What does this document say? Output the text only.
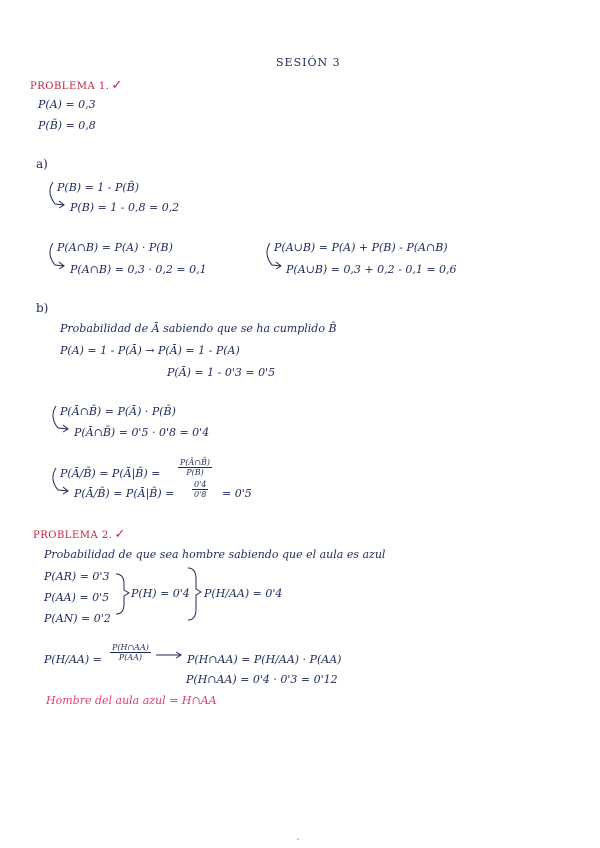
SESIÓN 3
PROBLEMA 1. ✓
P(A) = 0,3
P(B̄) = 0,8
a)
P(B) = 1 - P(B̄)
P(B) = 1 - 0,8 = 0,2
P(A∩B) = P(A) · P(B)
P(A∩B) = 0,3 · 0,2 = 0,1
P(A∪B) = P(A) + P(B) - P(A∩B)
P(A∪B) = 0,3 + 0,2 - 0,1 = 0,6
b)
Probabilidad de Ā sabiendo que se ha cumplido B̄
P(A) = 1 - P(Ā) → P(Ā) = 1 - P(A)
P(Ā) = 1 - 0'3 = 0'5
P(Ā∩B̄) = P(Ā) · P(B̄)
P(Ā∩B̄) = 0'5 · 0'8 = 0'4
P(Ā/B̄) = P(Ā|B̄) = $\frac{P(Ā\cap B̄)}{P(B̄)}$
P(Ā/B̄) = P(Ā|B̄) = $\frac{0'4}{0'8} = 0'5$
PROBLEMA 2. ✓
Probabilidad de que sea hombre sabiendo que el aula es azul
P(AR) = 0'3
P(AA) = 0'5
P(AN) = 0'2
P(H) = 0'4 P(H/AA) = 0'4
$P(H/AA) = \frac{P(H\cap AA)}{P(AA)}$	P(H∩AA) = P(H/AA) · P(AA)
P(H∩AA) = 0'4 · 0'3 = 0'12
Hombre del aula azul = H∩AA
